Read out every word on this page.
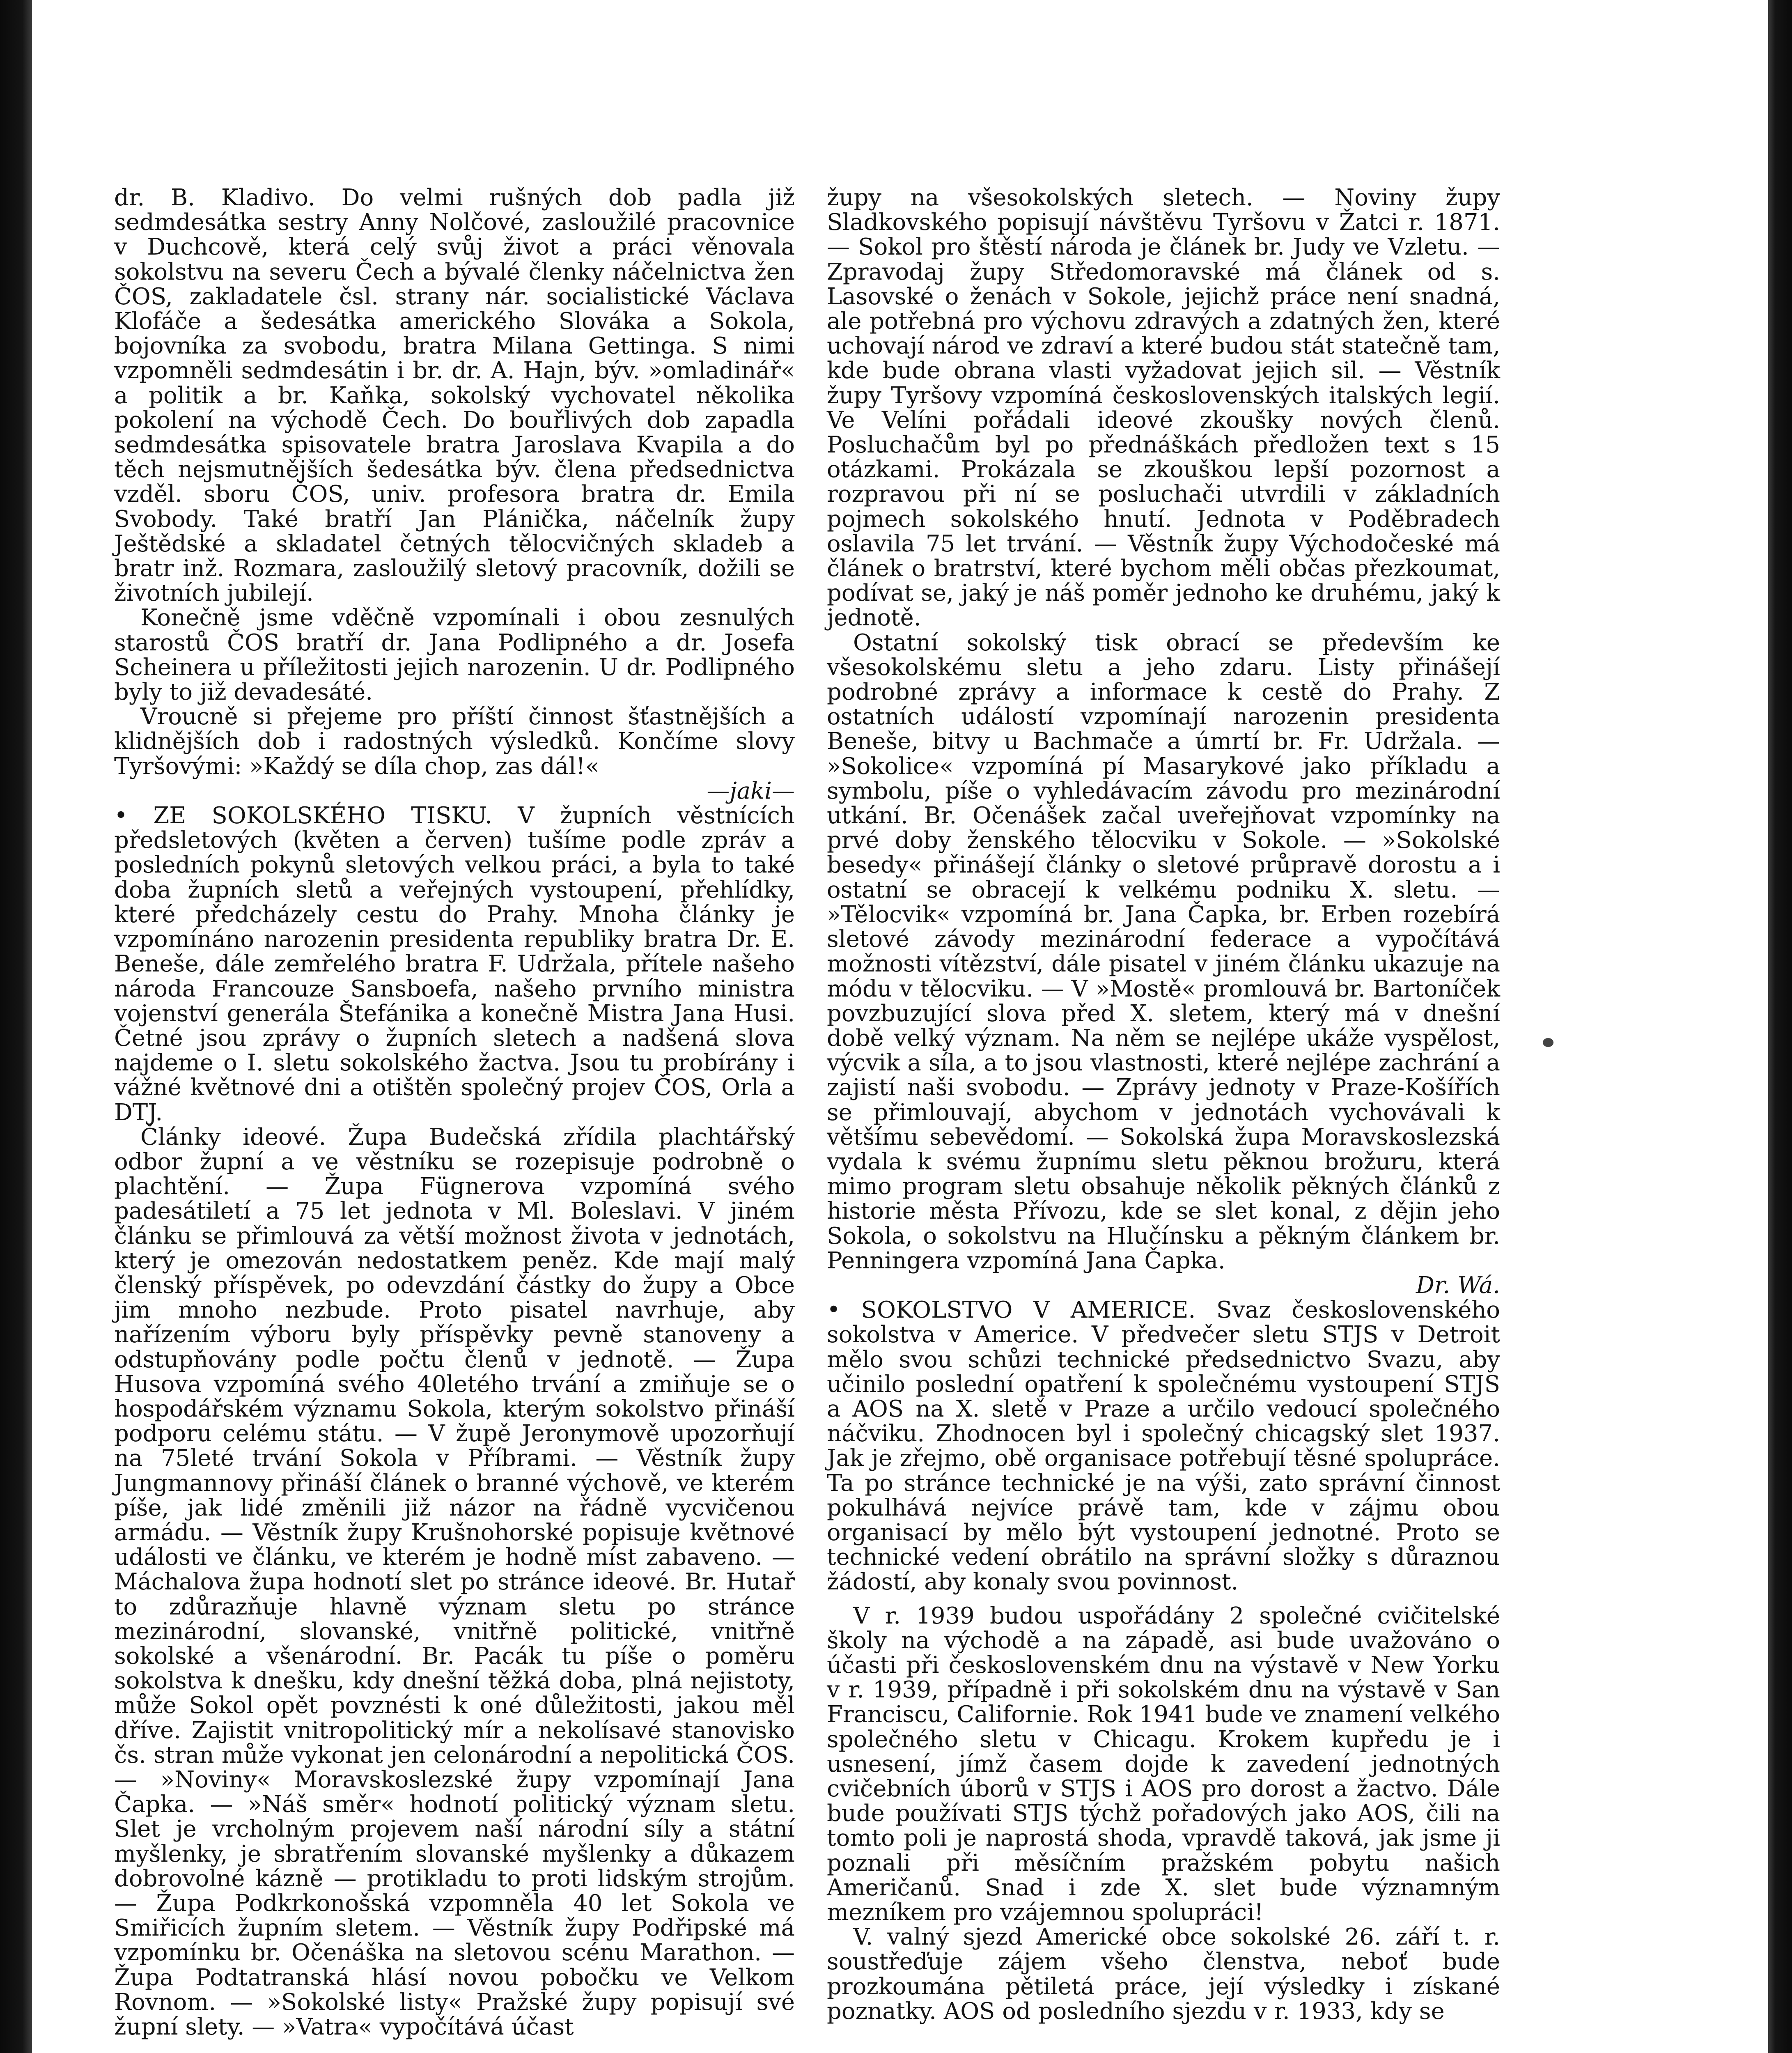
dr. B. Kladivo. Do velmi rušných dob padla již sedmdesátka sestry Anny Nolčové, zasloužilé pracovnice v Duchcově, která celý svůj život a práci věnovala sokolstvu na severu Čech a bývalé členky náčelnictva žen ČOS, zakladatele čsl. strany nár. socialistické Václava Klofáče a šedesátka amerického Slováka a Sokola, bojovníka za svobodu, bratra Milana Gettinga. S nimi vzpomněli sedmdesátin i br. dr. A. Hajn, býv. »omladinář« a politik a br. Kaňka, sokolský vychovatel několika pokolení na východě Čech. Do bouřlivých dob zapadla sedmdesátka spisovatele bratra Jaroslava Kvapila a do těch nejsmutnějších šedesátka býv. člena předsednictva vzděl. sboru ČOS, univ. profesora bratra dr. Emila Svobody. Také bratří Jan Plánička, náčelník župy Ještědské a skladatel četných tělocvičných skladeb a bratr inž. Rozmara, zasloužilý sletový pracovník, dožili se životních jubilejí.

Konečně jsme vděčně vzpomínali i obou zesnulých starostů ČOS bratří dr. Jana Podlipného a dr. Josefa Scheinera u příležitosti jejich narozenin. U dr. Podlipného byly to již devadesáté.

Vroucně si přejeme pro příští činnost šťastnějších a klidnějších dob i radostných výsledků. Končíme slovy Tyršovými: »Každý se díla chop, zas dál!«

—jaki—

• ZE SOKOLSKÉHO TISKU. V župních věstnících předsletových (květen a červen) tušíme podle zpráv a posledních pokynů sletových velkou práci, a byla to také doba župních sletů a veřejných vystoupení, přehlídky, které předcházely cestu do Prahy. Mnoha články je vzpomínáno narozenin presidenta republiky bratra Dr. E. Beneše, dále zemřelého bratra F. Udržala, přítele našeho národa Francouze Sansboefa, našeho prvního ministra vojenství generála Štefánika a konečně Mistra Jana Husi. Četné jsou zprávy o župních sletech a nadšená slova najdeme o I. sletu sokolského žactva. Jsou tu probírány i vážné květnové dni a otištěn společný projev ČOS, Orla a DTJ.

Články ideové. Župa Budečská zřídila plachtářský odbor župní a ve věstníku se rozepisuje podrobně o plachtění. — Župa Fügnerova vzpomíná svého padesátiletí a 75 let jednota v Ml. Boleslavi. V jiném článku se přimlouvá za větší možnost života v jednotách, který je omezován nedostatkem peněz. Kde mají malý členský příspěvek, po odevzdání částky do župy a Obce jim mnoho nezbude. Proto pisatel navrhuje, aby nařízením výboru byly příspěvky pevně stanoveny a odstupňovány podle počtu členů v jednotě. — Župa Husova vzpomíná svého 40letého trvání a zmiňuje se o hospodářském významu Sokola, kterým sokolstvo přináší podporu celému státu. — V župě Jeronymově upozorňují na 75leté trvání Sokola v Příbrami. — Věstník župy Jungmannovy přináší článek o branné výchově, ve kterém píše, jak lidé změnili již názor na řádně vycvičenou armádu. — Věstník župy Krušnohorské popisuje květnové události ve článku, ve kterém je hodně míst zabaveno. — Máchalova župa hodnotí slet po stránce ideové. Br. Hutař to zdůrazňuje hlavně význam sletu po stránce mezinárodní, slovanské, vnitřně politické, vnitřně sokolské a všenárodní. Br. Pacák tu píše o poměru sokolstva k dnešku, kdy dnešní těžká doba, plná nejistoty, může Sokol opět povznésti k oné důležitosti, jakou měl dříve. Zajistit vnitropolitický mír a nekolísavé stanovisko čs. stran může vykonat jen celonárodní a nepolitická ČOS. — »Noviny« Moravskoslezské župy vzpomínají Jana Čapka. — »Náš směr« hodnotí politický význam sletu. Slet je vrcholným projevem naší národní síly a státní myšlenky, je sbratřením slovanské myšlenky a důkazem dobrovolné kázně — protikladu to proti lidským strojům. — Župa Podkrkonošská vzpomněla 40 let Sokola ve Smiřicích župním sletem. — Věstník župy Podřipské má vzpomínku br. Očenáška na sletovou scénu Marathon. — Župa Podtatranská hlásí novou pobočku ve Velkom Rovnom. — »Sokolské listy« Pražské župy popisují své župní slety. — »Vatra« vypočítává účast

župy na všesokolských sletech. — Noviny župy Sladkovského popisují návštěvu Tyršovu v Žatci r. 1871. — Sokol pro štěstí národa je článek br. Judy ve Vzletu. — Zpravodaj župy Středomoravské má článek od s. Lasovské o ženách v Sokole, jejichž práce není snadná, ale potřebná pro výchovu zdravých a zdatných žen, které uchovají národ ve zdraví a které budou stát statečně tam, kde bude obrana vlasti vyžadovat jejich sil. — Věstník župy Tyršovy vzpomíná československých italských legií. Ve Velíni pořádali ideové zkoušky nových členů. Posluchačům byl po přednáškách předložen text s 15 otázkami. Prokázala se zkouškou lepší pozornost a rozpravou při ní se posluchači utvrdili v základních pojmech sokolského hnutí. Jednota v Poděbradech oslavila 75 let trvání. — Věstník župy Východočeské má článek o bratrství, které bychom měli občas přezkoumat, podívat se, jaký je náš poměr jednoho ke druhému, jaký k jednotě.

Ostatní sokolský tisk obrací se především ke všesokolskému sletu a jeho zdaru. Listy přinášejí podrobné zprávy a informace k cestě do Prahy. Z ostatních událostí vzpomínají narozenin presidenta Beneše, bitvy u Bachmače a úmrtí br. Fr. Udržala. — »Sokolice« vzpomíná pí Masarykové jako příkladu a symbolu, píše o vyhledávacím závodu pro mezinárodní utkání. Br. Očenášek začal uveřejňovat vzpomínky na prvé doby ženského tělocviku v Sokole. — »Sokolské besedy« přinášejí články o sletové průpravě dorostu a i ostatní se obracejí k velkému podniku X. sletu. — »Tělocvik« vzpomíná br. Jana Čapka, br. Erben rozebírá sletové závody mezinárodní federace a vypočítává možnosti vítězství, dále pisatel v jiném článku ukazuje na módu v tělocviku. — V »Mostě« promlouvá br. Bartoníček povzbuzující slova před X. sletem, který má v dnešní době velký význam. Na něm se nejlépe ukáže vyspělost, výcvik a síla, a to jsou vlastnosti, které nejlépe zachrání a zajistí naši svobodu. — Zprávy jednoty v Praze-Košířích se přimlouvají, abychom v jednotách vychovávali k většímu sebevědomí. — Sokolská župa Moravskoslezská vydala k svému župnímu sletu pěknou brožuru, která mimo program sletu obsahuje několik pěkných článků z historie města Přívozu, kde se slet konal, z dějin jeho Sokola, o sokolstvu na Hlučínsku a pěkným článkem br. Penningera vzpomíná Jana Čapka.

Dr. Wá.

• SOKOLSTVO V AMERICE. Svaz československého sokolstva v Americe. V předvečer sletu STJS v Detroit mělo svou schůzi technické předsednictvo Svazu, aby učinilo poslední opatření k společnému vystoupení STJS a AOS na X. sletě v Praze a určilo vedoucí společného náčviku. Zhodnocen byl i společný chicagský slet 1937. Jak je zřejmo, obě organisace potřebují těsné spolupráce. Ta po stránce technické je na výši, zato správní činnost pokulhává nejvíce právě tam, kde v zájmu obou organisací by mělo být vystoupení jednotné. Proto se technické vedení obrátilo na správní složky s důraznou žádostí, aby konaly svou povinnost.

V r. 1939 budou uspořádány 2 společné cvičitelské školy na východě a na západě, asi bude uvažováno o účasti při československém dnu na výstavě v New Yorku v r. 1939, případně i při sokolském dnu na výstavě v San Franciscu, Californie. Rok 1941 bude ve znamení velkého společného sletu v Chicagu. Krokem kupředu je i usnesení, jímž časem dojde k zavedení jednotných cvičebních úborů v STJS i AOS pro dorost a žactvo. Dále bude používati STJS týchž pořadových jako AOS, čili na tomto poli je naprostá shoda, vpravdě taková, jak jsme ji poznali při měsíčním pražském pobytu našich Američanů. Snad i zde X. slet bude významným mezníkem pro vzájemnou spolupráci!

V. valný sjezd Americké obce sokolské 26. září t. r. soustřeďuje zájem všeho členstva, neboť bude prozkoumána pětiletá práce, její výsledky i získané poznatky. AOS od posledního sjezdu v r. 1933, kdy se
